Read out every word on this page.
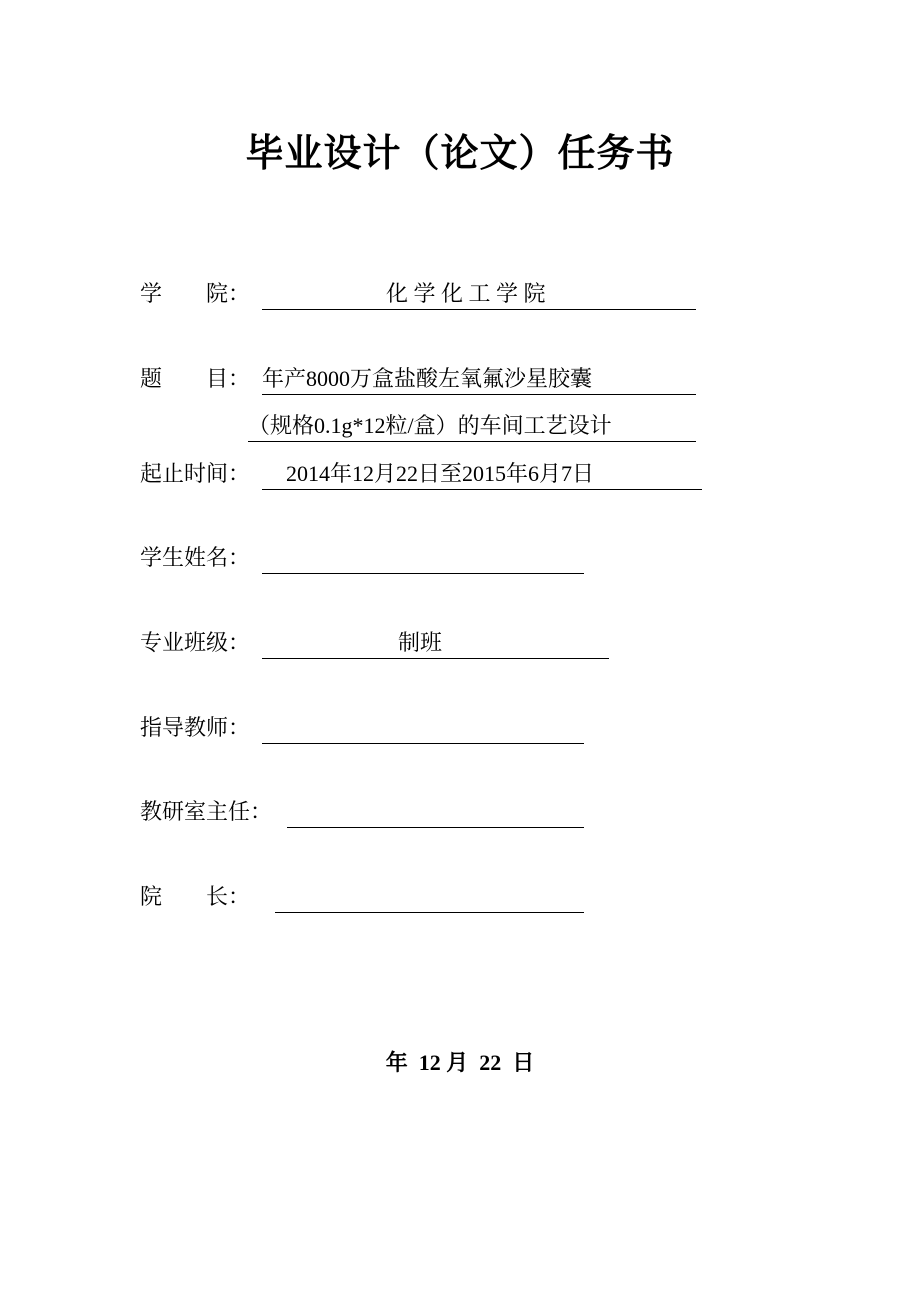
毕业设计（论文）任务书
学　　院：	化 学 化 工 学 院
题　　目： 年产8000万盒盐酸左氧氟沙星胶囊
（规格0.1g*12粒/盒）的车间工艺设计
起止时间： 2014年12月22日至2015年6月7日
学生姓名：
专业班级：	制班
指导教师：
教研室主任：
院　　长：
年  12 月  22  日
